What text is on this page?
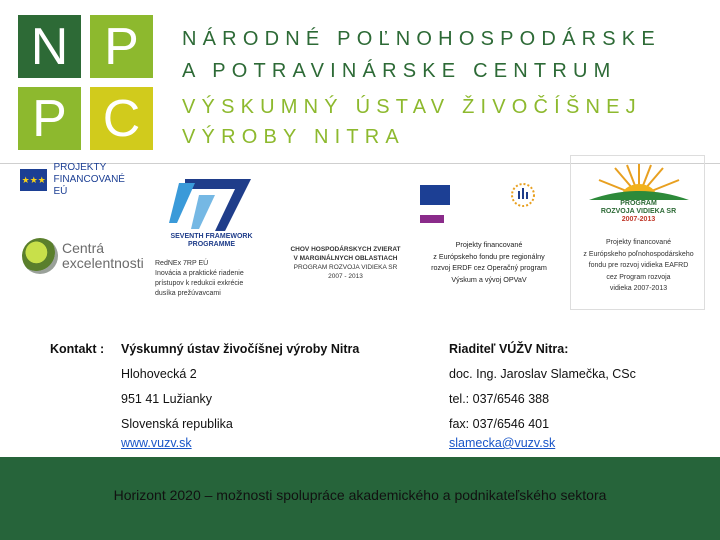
N P
P C
NÁRODNÉ POĽNOHOSPODÁRSKE
A POTRAVINÁRSKE CENTRUM
VÝSKUMNÝ ÚSTAV ŽIVOČÍŠNEJ
VÝROBY NITRA
★★★
PROJEKTY
FINANCOVANÉ EÚ
Centrá
excelentnosti
SEVENTH FRAMEWORK
PROGRAMME
RedNEx 7RP EÚ
Inovácia a praktické riadenie
prístupov k redukcii exkrécie
dusíka prežúvavcami
CHOV HOSPODÁRSKYCH ZVIERAT
V MARGINÁLNYCH OBLASTIACH
PROGRAM ROZVOJA VIDIEKA SR
2007 - 2013
Projekty financované
z Európskeho fondu pre regionálny
rozvoj ERDF cez Operačný program
Výskum a vývoj OPVaV
PROGRAM
ROZVOJA VIDIEKA SR
2007-2013
Projekty financované
z Európskeho poľnohospodárskeho
fondu pre rozvoj vidieka EAFRD
cez Program rozvoja
vidieka 2007-2013
Kontakt : Výskumný ústav živočíšnej výroby Nitra
Hlohovecká 2
951 41 Lužianky
Slovenská republika
www.vuzv.sk
Riaditeľ VÚŽV Nitra:
doc. Ing. Jaroslav Slamečka, CSc
tel.: 037/6546 388
fax: 037/6546 401
slamecka@vuzv.sk
Horizont 2020 – možnosti spolupráce akademického a podnikateľského sektora
